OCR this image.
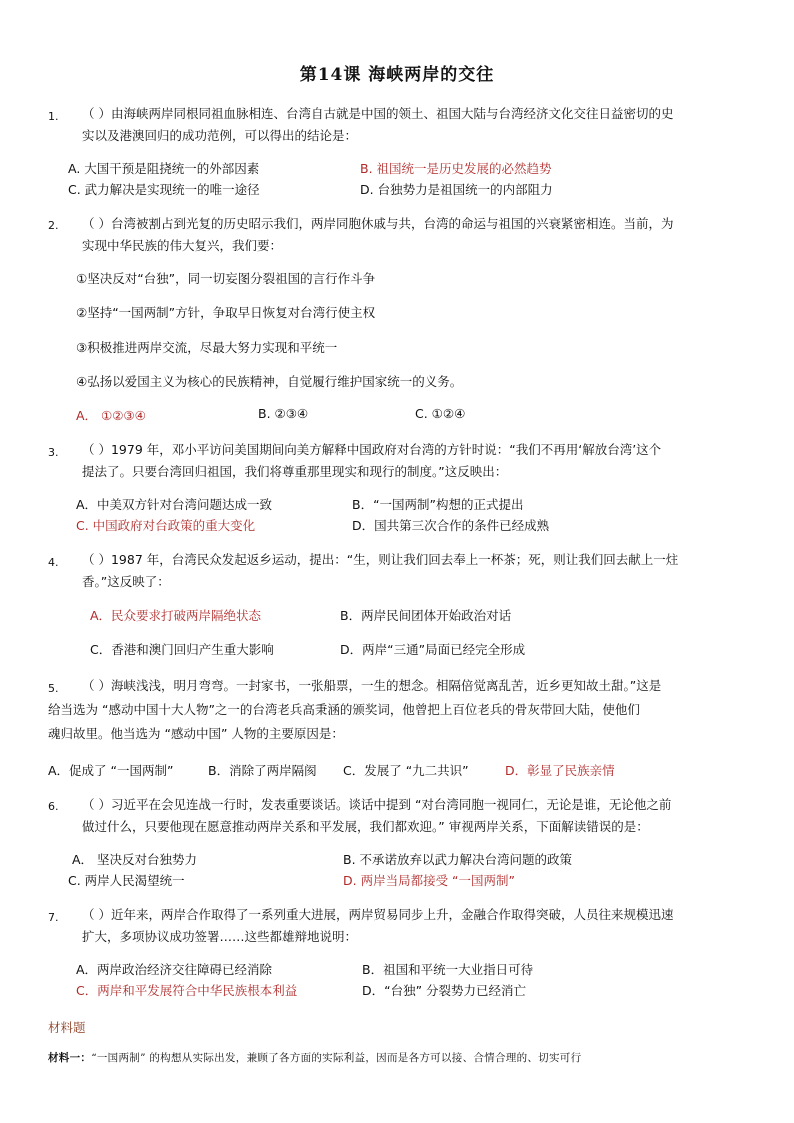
第14课 海峡两岸的交往
1. （ ）由海峡两岸同根同祖血脉相连、台湾自古就是中国的领土、祖国大陆与台湾经济文化交往日益密切的史
实以及港澳回归的成功范例，可以得出的结论是：
A. 大国干预是阻挠统一的外部因素	B. 祖国统一是历史发展的必然趋势
C. 武力解决是实现统一的唯一途径	D. 台独势力是祖国统一的内部阻力
2. （ ）台湾被割占到光复的历史昭示我们，两岸同胞休戚与共，台湾的命运与祖国的兴衰紧密相连。当前，为
实现中华民族的伟大复兴，我们要：
①坚决反对“台独”，同一切妄图分裂祖国的言行作斗争
②坚持“一国两制”方针，争取早日恢复对台湾行使主权
③积极推进两岸交流，尽最大努力实现和平统一
④弘扬以爱国主义为核心的民族精神，自觉履行维护国家统一的义务。
A． ①②③④	B. ②③④	C. ①②④
3. （ ）1979 年，邓小平访问美国期间向美方解释中国政府对台湾的方针时说：“我们不再用‘解放台湾’这个
提法了。只要台湾回归祖国，我们将尊重那里现实和现行的制度。”这反映出：
A．中美双方针对台湾问题达成一致	B．“一国两制”构想的正式提出
C. 中国政府对台政策的重大变化	D．国共第三次合作的条件已经成熟
4. （ ）1987 年，台湾民众发起返乡运动，提出：“生，则让我们回去奉上一杯茶；死，则让我们回去献上一炷
香。”这反映了：
A．民众要求打破两岸隔绝状态	B．两岸民间团体开始政治对话
C．香港和澳门回归产生重大影响	D．两岸“三通”局面已经完全形成
5. （ ）海峡浅浅，明月弯弯。一封家书，一张船票，一生的想念。相隔倍觉离乱苦，近乡更知故土甜。”这是
给当选为 “感动中国十大人物”之一的台湾老兵高秉涵的颁奖词，他曾把上百位老兵的骨灰带回大陆，使他们
魂归故里。他当选为 “感动中国” 人物的主要原因是：
A．促成了 “一国两制”	B．消除了两岸隔阂 C．发展了 “九二共识”	D．彰显了民族亲情
6. （ ）习近平在会见连战一行时，发表重要谈话。谈话中提到 “对台湾同胞一视同仁，无论是谁，无论他之前
做过什么，只要他现在愿意推动两岸关系和平发展，我们都欢迎。” 审视两岸关系，下面解读错误的是：
A． 坚决反对台独势力	B. 不承诺放弃以武力解决台湾问题的政策
C. 两岸人民渴望统一	D. 两岸当局都接受 “一国两制”
7. （ ）近年来，两岸合作取得了一系列重大进展，两岸贸易同步上升，金融合作取得突破，人员往来规模迅速
扩大，多项协议成功签署……这些都雄辩地说明：
A．两岸政治经济交往障碍已经消除	B．祖国和平统一大业指日可待
C．两岸和平发展符合中华民族根本利益	D．“台独” 分裂势力已经消亡
材料题
材料一：“一国两制” 的构想从实际出发，兼顾了各方面的实际利益，因而是各方可以接、合情合理的、切实可行
